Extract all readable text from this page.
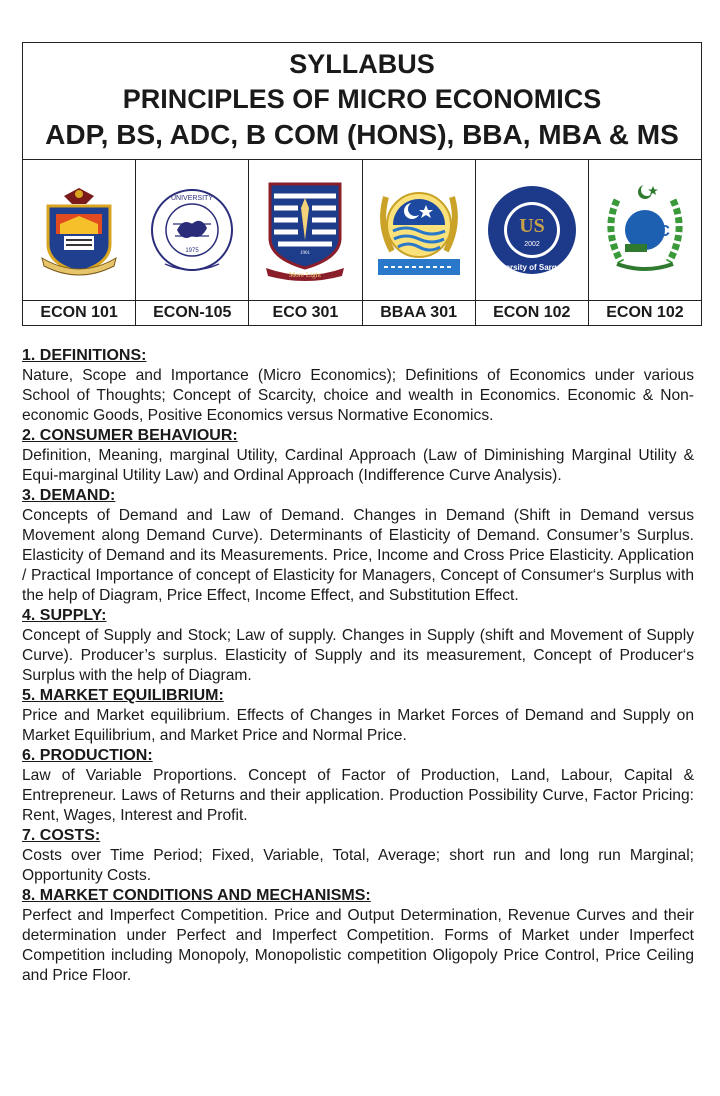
SYLLABUS
PRINCIPLES OF MICRO ECONOMICS
ADP, BS, ADC, B COM (HONS), BBA, MBA & MS
UNIVERSITY
1975	1901
More Light
US
2002
University of Sargodha
HEC
ECON 101	ECON-105	ECO 301	BBAA 301	ECON 102	ECON 102
1. DEFINITIONS:
Nature, Scope and Importance (Micro Economics); Definitions of Economics under various School of Thoughts; Concept of Scarcity, choice and wealth in Economics. Economic & Non-economic Goods, Positive Economics versus Normative Economics.
2. CONSUMER BEHAVIOUR:
Definition, Meaning, marginal Utility, Cardinal Approach (Law of Diminishing Marginal Utility & Equi-marginal Utility Law) and Ordinal Approach (Indifference Curve Analysis).
3. DEMAND:
Concepts of Demand and Law of Demand. Changes in Demand (Shift in Demand versus Movement along Demand Curve). Determinants of Elasticity of Demand. Consumer’s Surplus. Elasticity of Demand and its Measurements. Price, Income and Cross Price Elasticity. Application / Practical Importance of concept of Elasticity for Managers, Concept of Consumer‘s Surplus with the help of Diagram, Price Effect, Income Effect, and Substitution Effect.
4. SUPPLY:
Concept of Supply and Stock; Law of supply. Changes in Supply (shift and Movement of Supply Curve). Producer’s surplus. Elasticity of Supply and its measurement, Concept of Producer‘s Surplus with the help of Diagram.
5. MARKET EQUILIBRIUM:
Price and Market equilibrium. Effects of Changes in Market Forces of Demand and Supply on Market Equilibrium, and Market Price and Normal Price.
6. PRODUCTION:
Law of Variable Proportions. Concept of Factor of Production, Land, Labour, Capital & Entrepreneur. Laws of Returns and their application. Production Possibility Curve, Factor Pricing: Rent, Wages, Interest and Profit.
7. COSTS:
Costs over Time Period; Fixed, Variable, Total, Average; short run and long run Marginal; Opportunity Costs.
8. MARKET CONDITIONS AND MECHANISMS:
Perfect and Imperfect Competition. Price and Output Determination, Revenue Curves and their determination under Perfect and Imperfect Competition. Forms of Market under Imperfect Competition including Monopoly, Monopolistic competition Oligopoly Price Control, Price Ceiling and Price Floor.
